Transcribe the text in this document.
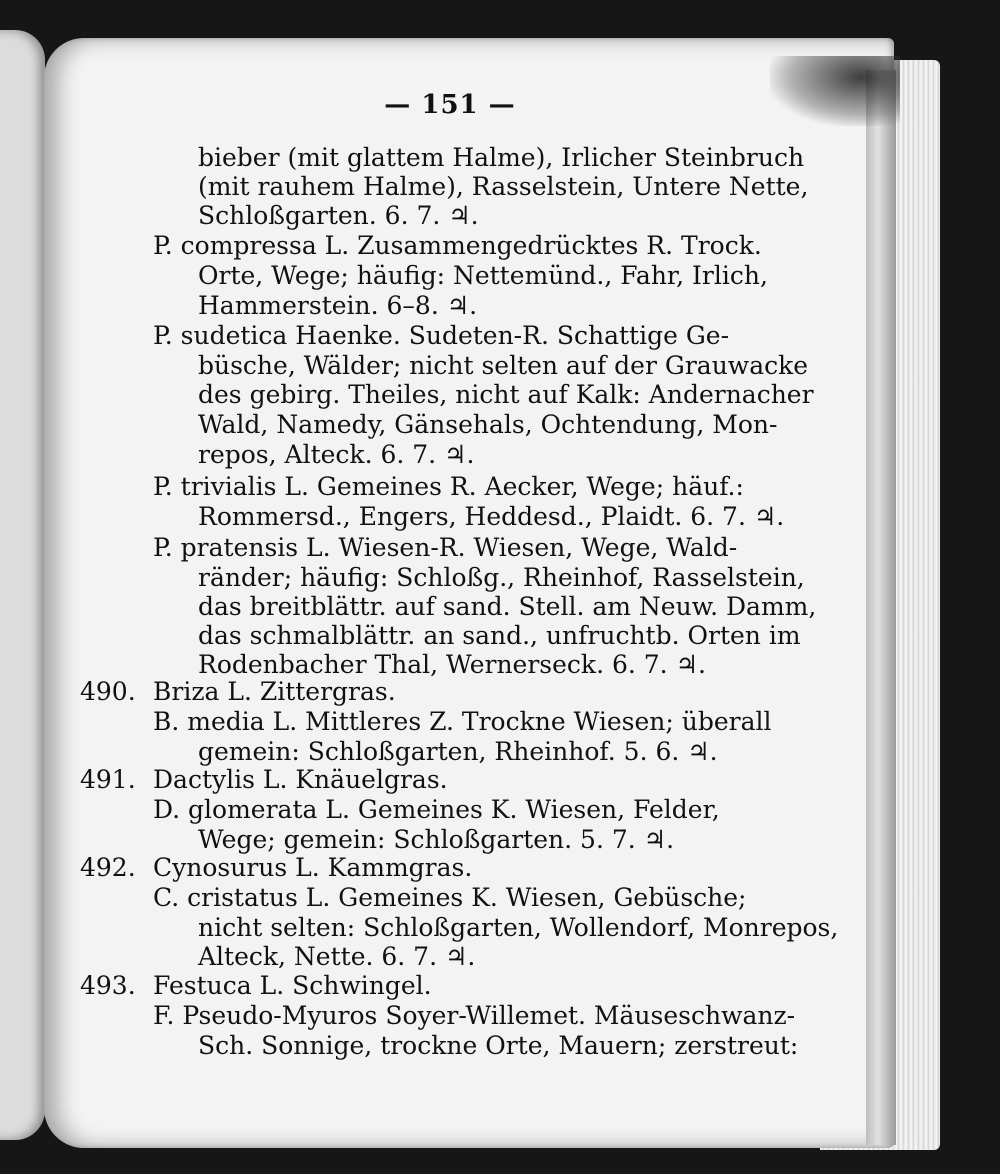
— 151 —
bieber (mit glattem Halme), Irlicher Steinbruch
(mit rauhem Halme), Rasselstein, Untere Nette,
Schloßgarten. 6. 7. ♃.
P. compressa L. Zusammengedrücktes R. Trock.
Orte, Wege; häufig: Nettemünd., Fahr, Irlich,
Hammerstein. 6–8. ♃.
P. sudetica Haenke. Sudeten-R. Schattige Ge-
büsche, Wälder; nicht selten auf der Grauwacke
des gebirg. Theiles, nicht auf Kalk: Andernacher
Wald, Namedy, Gänsehals, Ochtendung, Mon-
repos, Alteck. 6. 7. ♃.
P. trivialis L. Gemeines R. Aecker, Wege; häuf.:
Rommersd., Engers, Heddesd., Plaidt. 6. 7. ♃.
P. pratensis L. Wiesen-R. Wiesen, Wege, Wald-
ränder; häufig: Schloßg., Rheinhof, Rasselstein,
das breitblättr. auf sand. Stell. am Neuw. Damm,
das schmalblättr. an sand., unfruchtb. Orten im
Rodenbacher Thal, Wernerseck. 6. 7. ♃.
490. Briza L. Zittergras.
B. media L. Mittleres Z. Trockne Wiesen; überall
gemein: Schloßgarten, Rheinhof. 5. 6. ♃.
491. Dactylis L. Knäuelgras.
D. glomerata L. Gemeines K. Wiesen, Felder,
Wege; gemein: Schloßgarten. 5. 7. ♃.
492. Cynosurus L. Kammgras.
C. cristatus L. Gemeines K. Wiesen, Gebüsche;
nicht selten: Schloßgarten, Wollendorf, Monrepos,
Alteck, Nette. 6. 7. ♃.
493. Festuca L. Schwingel.
F. Pseudo-Myuros Soyer-Willemet. Mäuseschwanz-
Sch. Sonnige, trockne Orte, Mauern; zerstreut:
